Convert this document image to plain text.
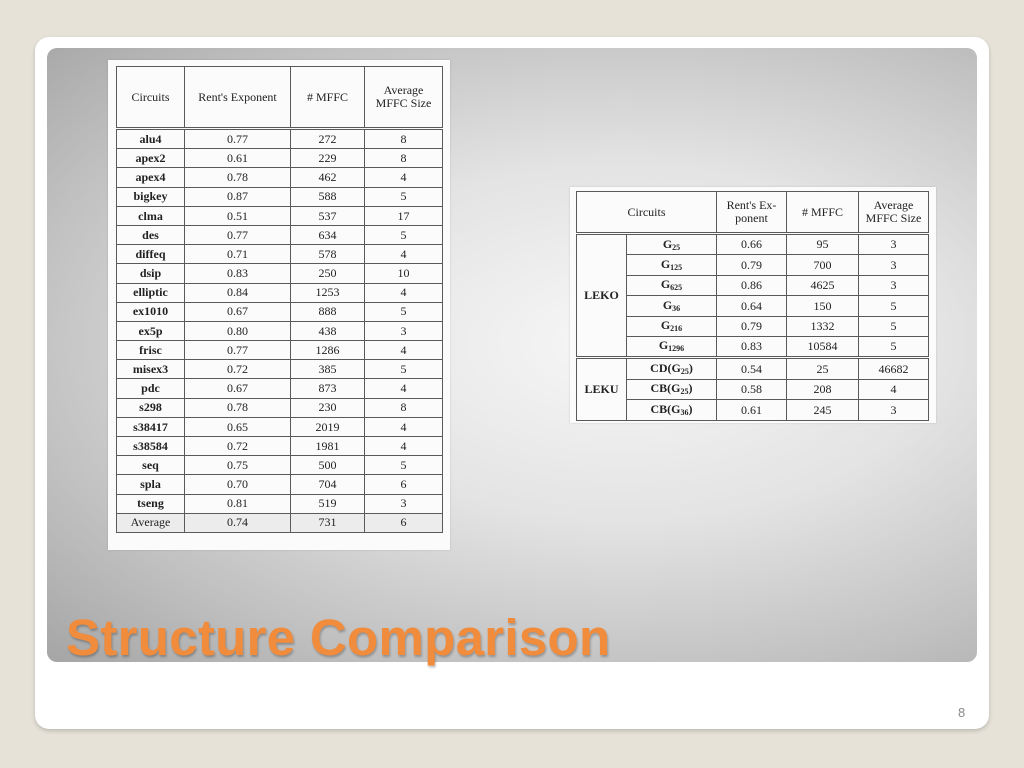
Circuits	Rent's Exponent	# MFFC	Average MFFC Size
alu4	0.77	272	8
apex2	0.61	229	8
apex4	0.78	462	4
bigkey	0.87	588	5
clma	0.51	537	17
des	0.77	634	5
diffeq	0.71	578	4
dsip	0.83	250	10
elliptic	0.84	1253	4
ex1010	0.67	888	5
ex5p	0.80	438	3
frisc	0.77	1286	4
misex3	0.72	385	5
pdc	0.67	873	4
s298	0.78	230	8
s38417	0.65	2019	4
s38584	0.72	1981	4
seq	0.75	500	5
spla	0.70	704	6
tseng	0.81	519	3
Average	0.74	731	6
Circuits		Rent's Ex-ponent	# MFFC	Average MFFC Size
LEKO	$G_{25}$	0.66	95	3
	$G_{125}$	0.79	700	3
	$G_{625}$	0.86	4625	3
	$G_{36}$	0.64	150	5
	$G_{216}$	0.79	1332	5
	$G_{1296}$	0.83	10584	5
LEKU	$CD(G_{25})$	0.54	25	46682
	$CB(G_{25})$	0.58	208	4
	$CB(G_{36})$	0.61	245	3
Structure Comparison
8
